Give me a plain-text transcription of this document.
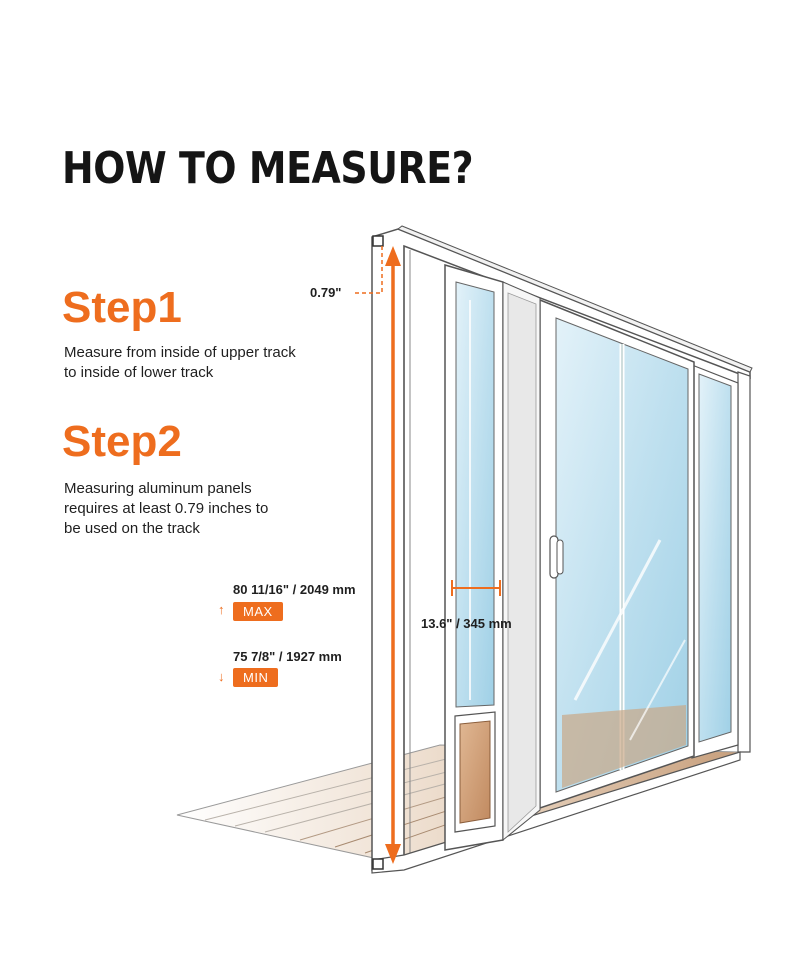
HOW TO MEASURE?
Step1
Measure from inside of upper track to inside of lower track
Step2
Measuring aluminum panels requires at least 0.79 inches to be used on the track
80 11/16" / 2049 mm
↑	MAX
75 7/8" / 1927 mm
↓	MIN
0.79"
13.6" / 345 mm
